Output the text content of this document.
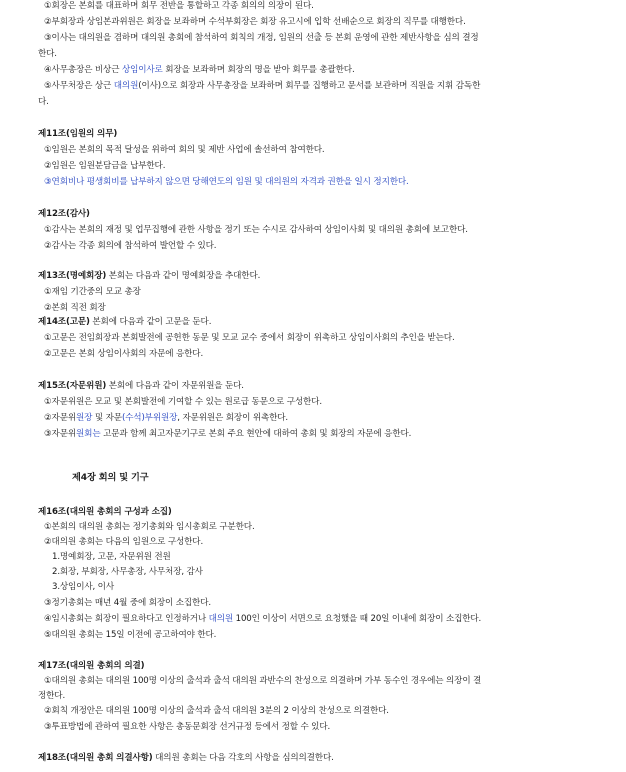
①회장은 본회를 대표하며 회무 전반을 통할하고 각종 회의의 의장이 된다.
②부회장과 상임본과위원은 회장을 보좌하며 수석부회장은 회장 유고시에 입학 선배순으로 회장의 직무를 대행한다.
③이사는 대의원을 겸하며 대의원 총회에 참석하여 회칙의 개정, 임원의 선출 등 본회 운영에 관한 제반사항을 심의 결정
한다.
④사무총장은 비상근 상임이사로 회장을 보좌하며 회장의 명을 받아 회무를 총괄한다.
⑤사무처장은 상근 대의원(이사)으로 회장과 사무총장을 보좌하며 회무를 집행하고 문서를 보관하며 직원을 지휘 감독한
다.
제11조(임원의 의무)
①임원은 본회의 목적 달성을 위하여 회의 및 제반 사업에 솔선하여 참여한다.
②임원은 임원분담금을 납부한다.
③연회비나 평생회비를 납부하지 않으면 당해연도의 임원 및 대의원의 자격과 권한을 일시 정지한다.
제12조(감사)
①감사는 본회의 재정 및 업무집행에 관한 사항을 정기 또는 수시로 감사하여 상임이사회 및 대의원 총회에 보고한다.
②감사는 각종 회의에 참석하여 발언할 수 있다.
제13조(명예회장) 본회는 다음과 같이 명예회장을 추대한다.
①재임 기간중의 모교 총장
②본회 직전 회장
제14조(고문) 본회에 다음과 같이 고문을 둔다.
①고문은 전임회장과 본회발전에 공헌한 동문 및 모교 교수 중에서 회장이 위촉하고 상임이사회의 추인을 받는다.
②고문은 본회 상임이사회의 자문에 응한다.
제15조(자문위원) 본회에 다음과 같이 자문위원을 둔다.
①자문위원은 모교 및 본회발전에 기여할 수 있는 원로급 동문으로 구성한다.
②자문위원장 및 자문(수석)부위원장, 자문위원은 회장이 위촉한다.
③자문위원회는 고문과 함께 최고자문기구로 본회 주요 현안에 대하여 총회 및 회장의 자문에 응한다.
제4장 회의 및 기구
제16조(대의원 총회의 구성과 소집)
①본회의 대의원 총회는 정기총회와 임시총회로 구분한다.
②대의원 총회는 다음의 임원으로 구성한다.
1.명예회장, 고문, 자문위원 전원
2.회장, 부회장, 사무총장, 사무처장, 감사
3.상임이사, 이사
③정기총회는 매년 4월 중에 회장이 소집한다.
④임시총회는 회장이 필요하다고 인정하거나 대의원 100인 이상이 서면으로 요청했을 때 20일 이내에 회장이 소집한다.
⑤대의원 총회는 15일 이전에 공고하여야 한다.
제17조(대의원 총회의 의결)
①대의원 총회는 대의원 100명 이상의 출석과 출석 대의원 과반수의 찬성으로 의결하며 가부 동수인 경우에는 의장이 결
정한다.
②회칙 개정안은 대의원 100명 이상의 출석과 출석 대의원 3분의 2 이상의 찬성으로 의결한다.
③투표방법에 관하여 필요한 사항은 총동문회장 선거규정 등에서 정할 수 있다.
제18조(대의원 총회 의결사항) 대의원 총회는 다음 각호의 사항을 심의의결한다.
